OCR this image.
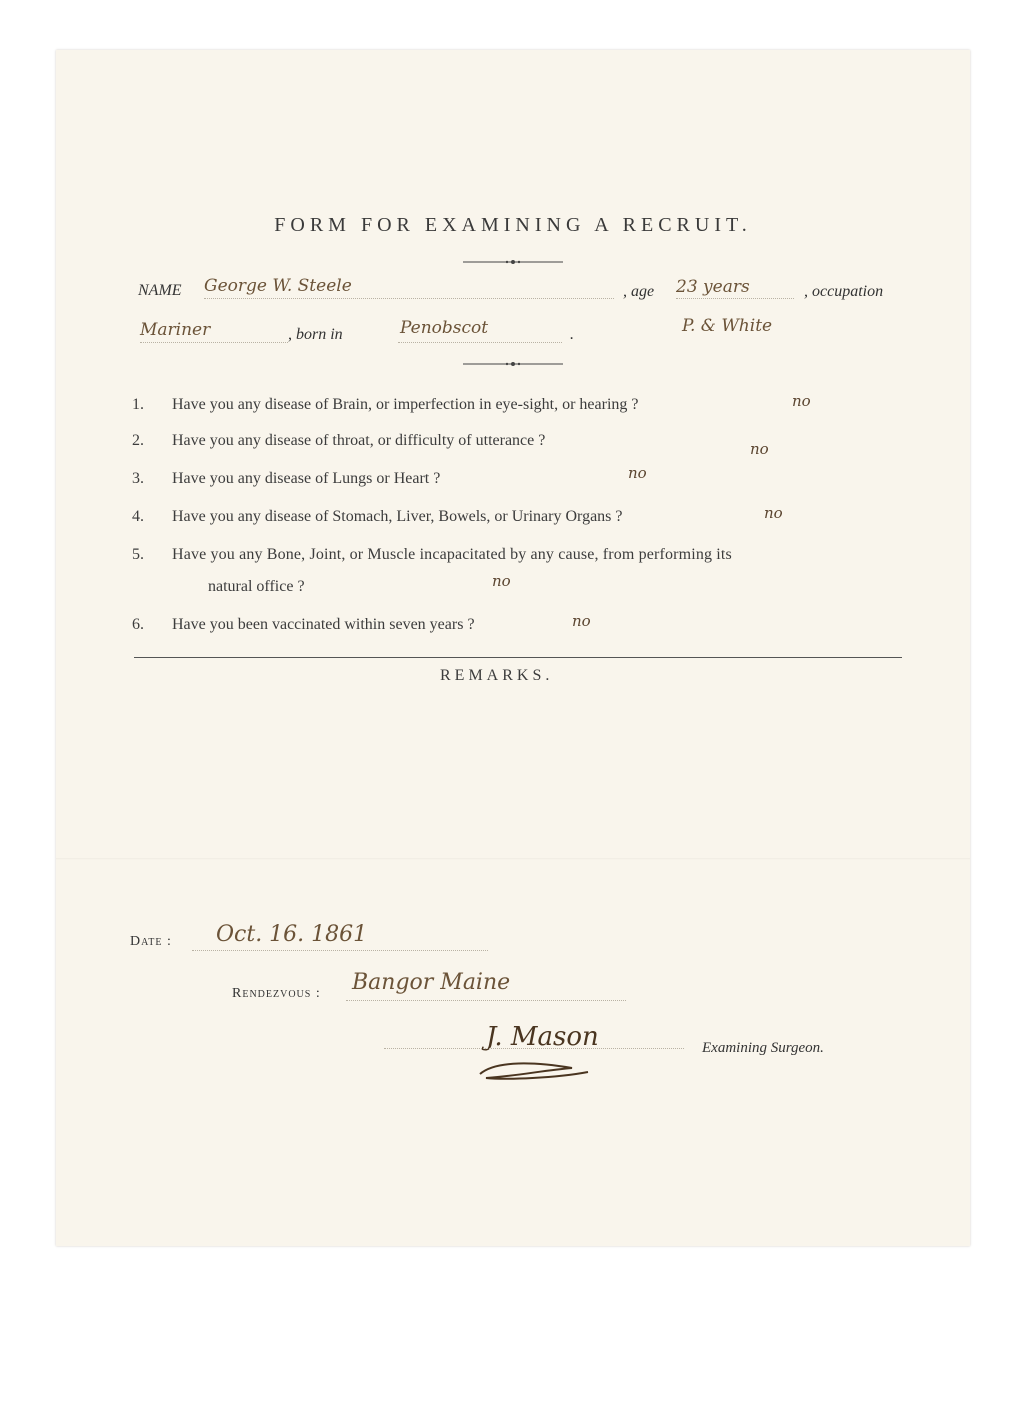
FORM FOR EXAMINING A RECRUIT.
NAME George W. Steele	, age 23 years	, occupation
Mariner	, born in	Penobscot	.	P. & White
1. Have you any disease of Brain, or imperfection in eye-sight, or hearing ?	no
2. Have you any disease of throat, or difficulty of utterance ?	no
3. Have you any disease of Lungs or Heart ?	no
4. Have you any disease of Stomach, Liver, Bowels, or Urinary Organs ?	no
5. Have you any Bone, Joint, or Muscle incapacitated by any cause, from performing its
natural office ?	no
6. Have you been vaccinated within seven years ?	no
REMARKS.
Date : Oct. 16. 1861
Rendezvous : Bangor Maine
J. Mason	Examining Surgeon.
